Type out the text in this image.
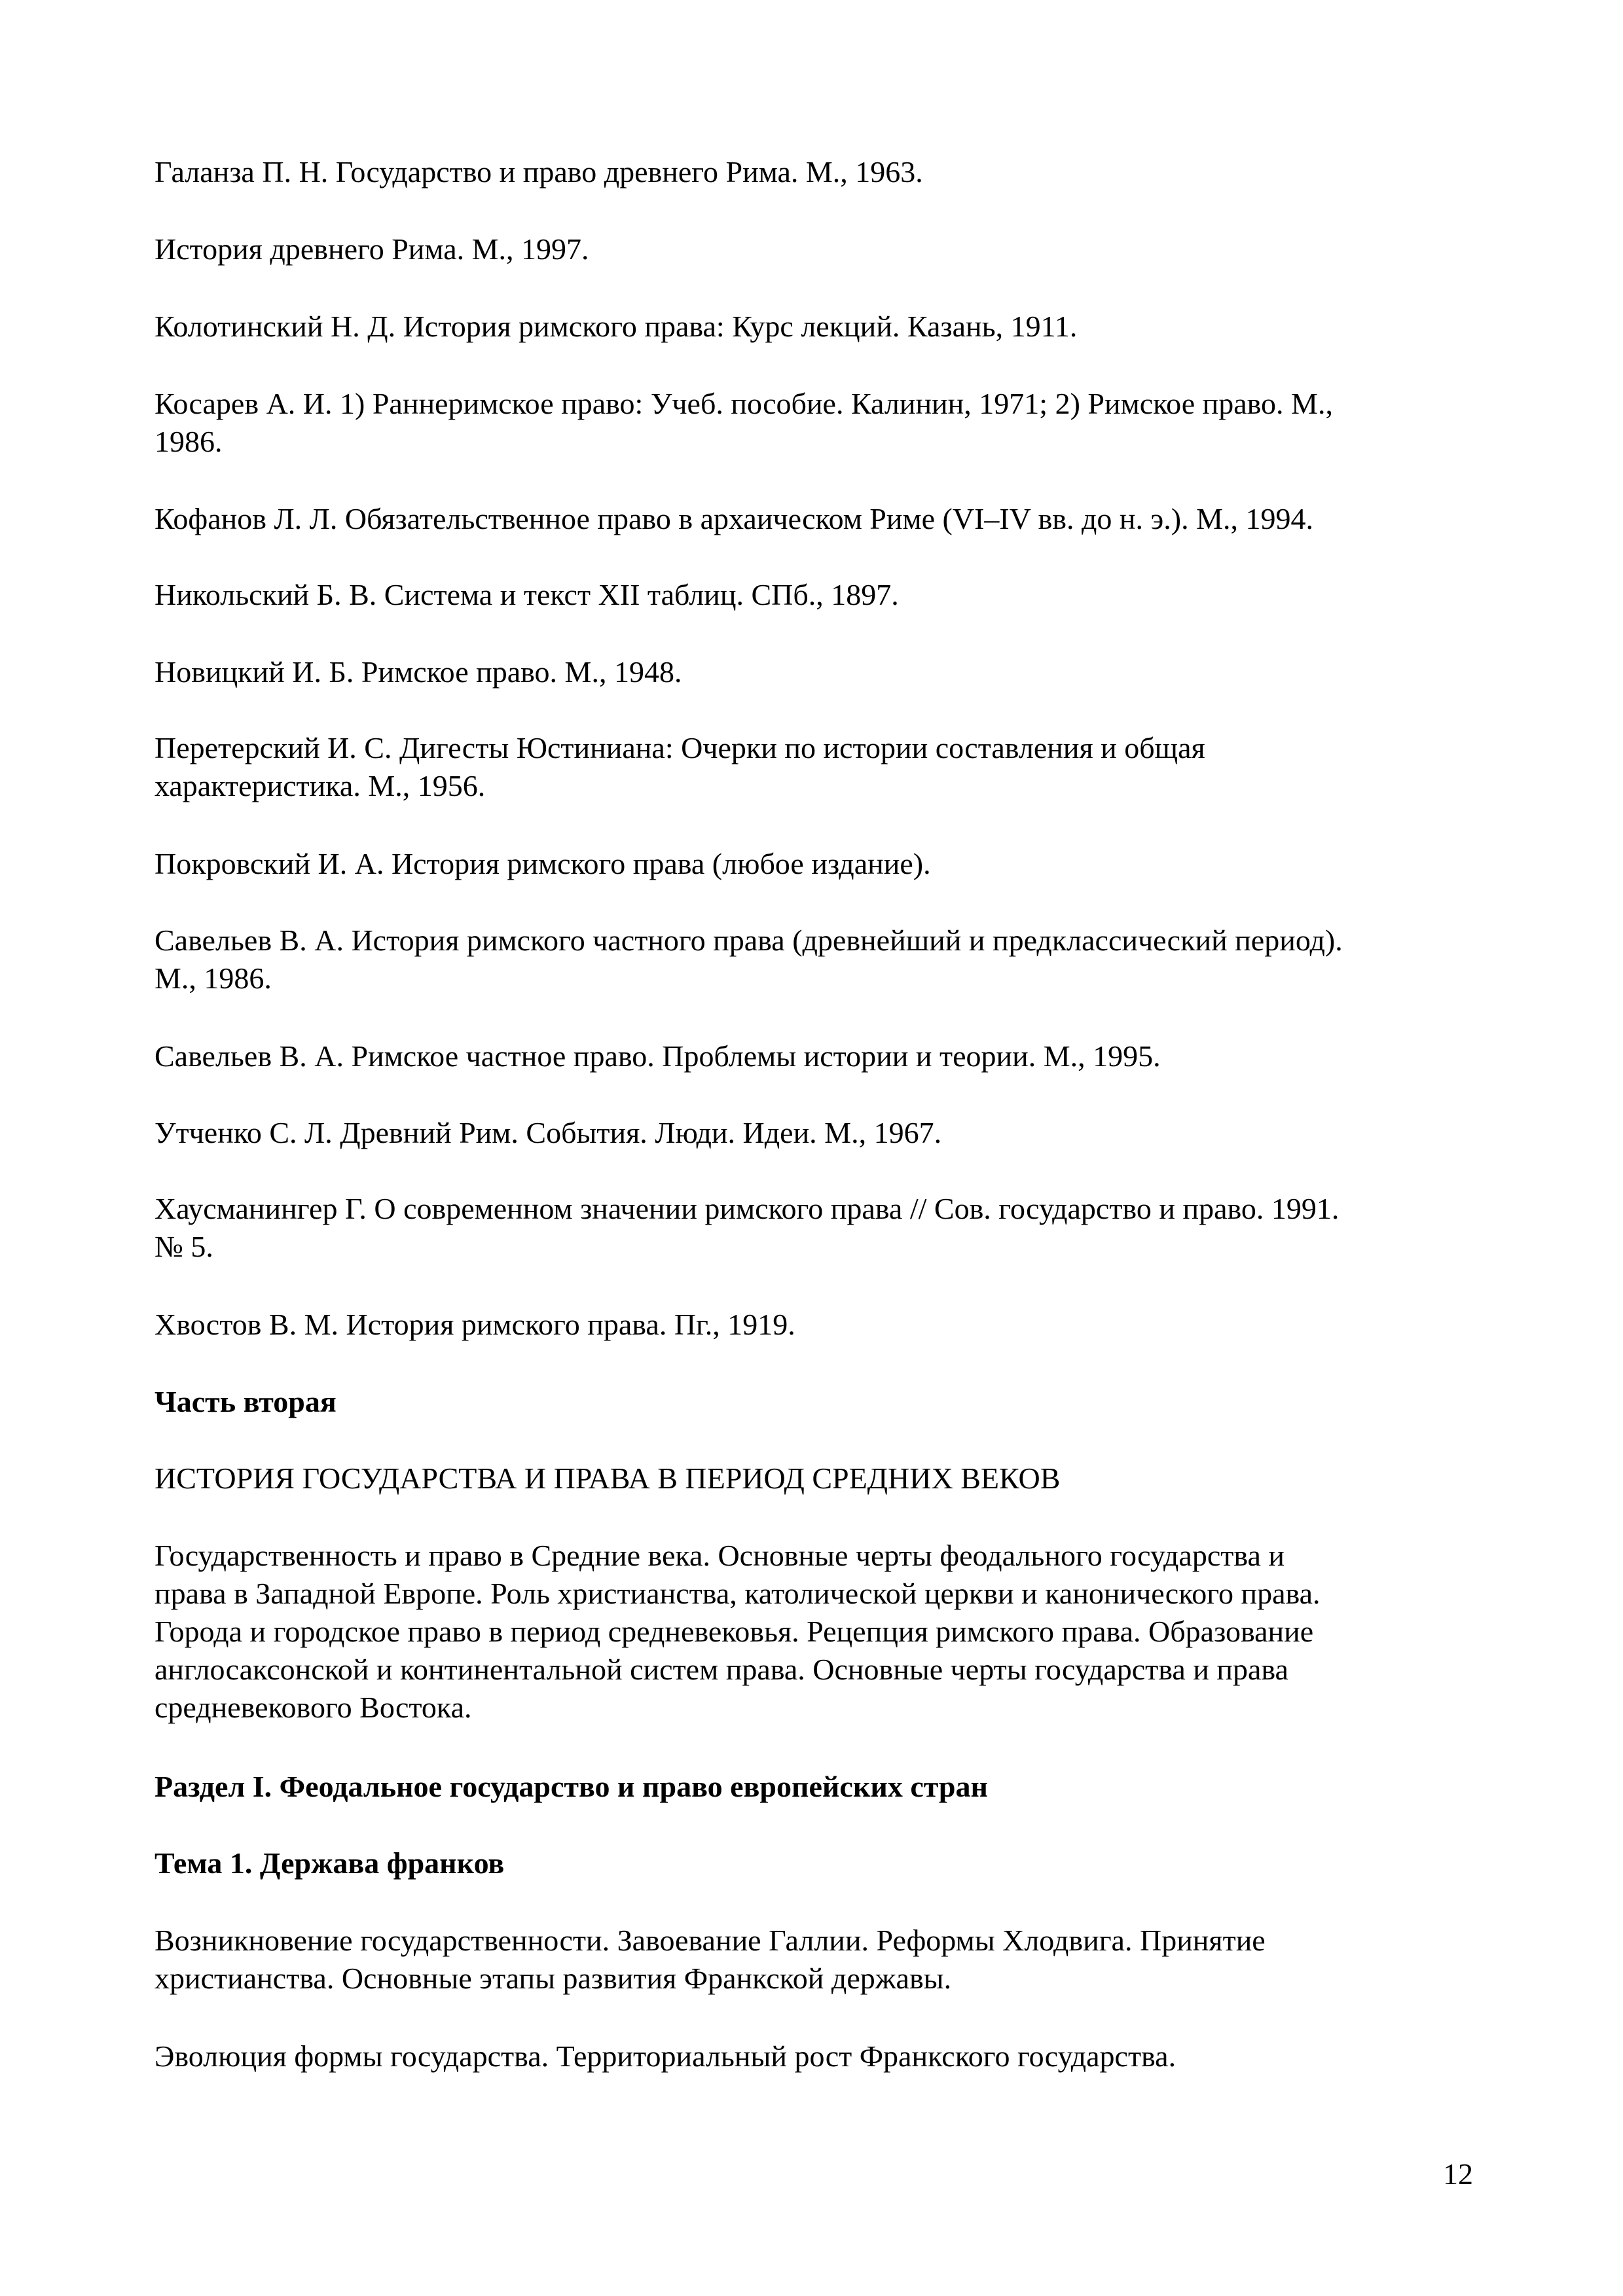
Галанза П. Н. Государство и право древнего Рима. М., 1963.

История древнего Рима. М., 1997.

Колотинский Н. Д. История римского права: Курс лекций. Казань, 1911.

Косарев А. И. 1) Раннеримское право: Учеб. пособие. Калинин, 1971; 2) Римское право. М.,
1986.

Кофанов Л. Л. Обязательственное право в архаическом Риме (VI–IV вв. до н. э.). М., 1994.

Никольский Б. В. Система и текст XII таблиц. СПб., 1897.

Новицкий И. Б. Римское право. М., 1948.

Перетерский И. С. Дигесты Юстиниана: Очерки по истории составления и общая
характеристика. М., 1956.

Покровский И. А. История римского права (любое издание).

Савельев В. А. История римского частного права (древнейший и предклассический период).
М., 1986.

Савельев В. А. Римское частное право. Проблемы истории и теории. М., 1995.

Утченко С. Л. Древний Рим. События. Люди. Идеи. М., 1967.

Хаусманингер Г. О современном значении римского права // Сов. государство и право. 1991.
№ 5.

Хвостов В. М. История римского права. Пг., 1919.

Часть вторая

ИСТОРИЯ ГОСУДАРСТВА И ПРАВА В ПЕРИОД СРЕДНИХ ВЕКОВ

Государственность и право в Средние века. Основные черты феодального государства и
права в Западной Европе. Роль христианства, католической церкви и канонического права.
Города и городское право в период средневековья. Рецепция римского права. Образование
англосаксонской и континентальной систем права. Основные черты государства и права
средневекового Востока.

Раздел I. Феодальное государство и право европейских стран

Тема 1. Держава франков

Возникновение государственности. Завоевание Галлии. Реформы Хлодвига. Принятие
христианства. Основные этапы развития Франкской державы.

Эволюция формы государства. Территориальный рост Франкского государства.

12
